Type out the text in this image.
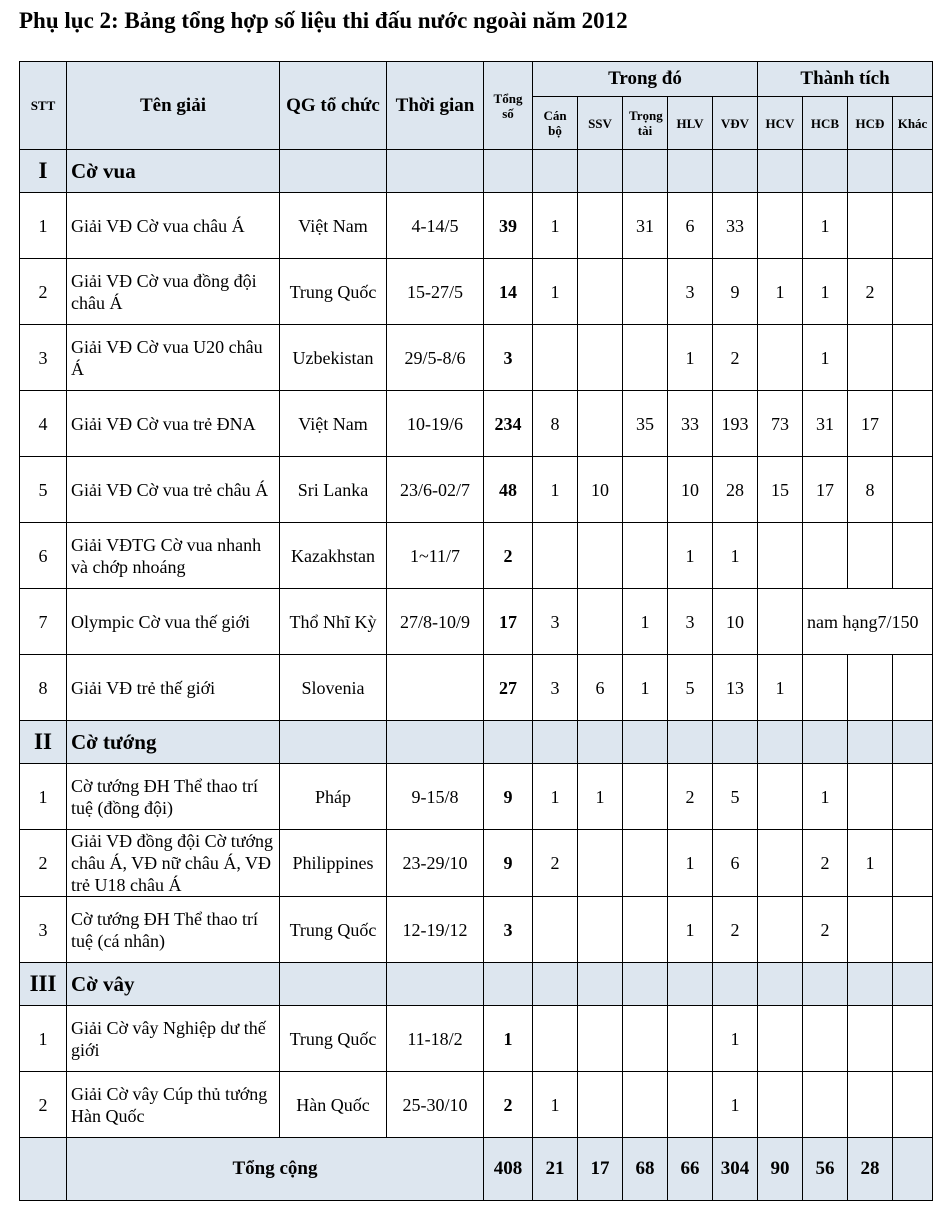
Phụ lục 2: Bảng tổng hợp số liệu thi đấu nước ngoài năm 2012
STT	Tên giải	QG tổ chức	Thời gian	Tổng số	Trong đó					Thành tích			
					Cán bộ	SSV	Trọng tài	HLV	VĐV	HCV	HCB	HCĐ	Khác
I	Cờ vua												
1	Giải VĐ Cờ vua châu Á	Việt Nam	4-14/5	39	1		31	6	33		1		
2	Giải VĐ Cờ vua đồng đội châu Á	Trung Quốc	15-27/5	14	1			3	9	1	1	2	
3	Giải VĐ Cờ vua U20 châu Á	Uzbekistan	29/5-8/6	3				1	2		1		
4	Giải VĐ Cờ vua trẻ ĐNA	Việt Nam	10-19/6	234	8		35	33	193	73	31	17	
5	Giải VĐ Cờ vua trẻ châu Á	Sri Lanka	23/6-02/7	48	1	10		10	28	15	17	8	
6	Giải VĐTG Cờ vua nhanh và chớp nhoáng	Kazakhstan	1~11/7	2				1	1				
7	Olympic Cờ vua thế giới	Thổ Nhĩ Kỳ	27/8-10/9	17	3		1	3	10		nam hạng7/150		
8	Giải VĐ trẻ thế giới	Slovenia		27	3	6	1	5	13	1			
II	Cờ tướng												
1	Cờ tướng ĐH Thể thao trí tuệ (đồng đội)	Pháp	9-15/8	9	1	1		2	5		1		
2	Giải VĐ đồng đội Cờ tướng châu Á, VĐ nữ châu Á, VĐ trẻ U18 châu Á	Philippines	23-29/10	9	2			1	6		2	1	
3	Cờ tướng ĐH Thể thao trí tuệ (cá nhân)	Trung Quốc	12-19/12	3				1	2		2		
III	Cờ vây												
1	Giải Cờ vây Nghiệp dư thế giới	Trung Quốc	11-18/2	1					1				
2	Giải Cờ vây Cúp thủ tướng Hàn Quốc	Hàn Quốc	25-30/10	2	1				1				
	Tổng cộng			408	21	17	68	66	304	90	56	28	
